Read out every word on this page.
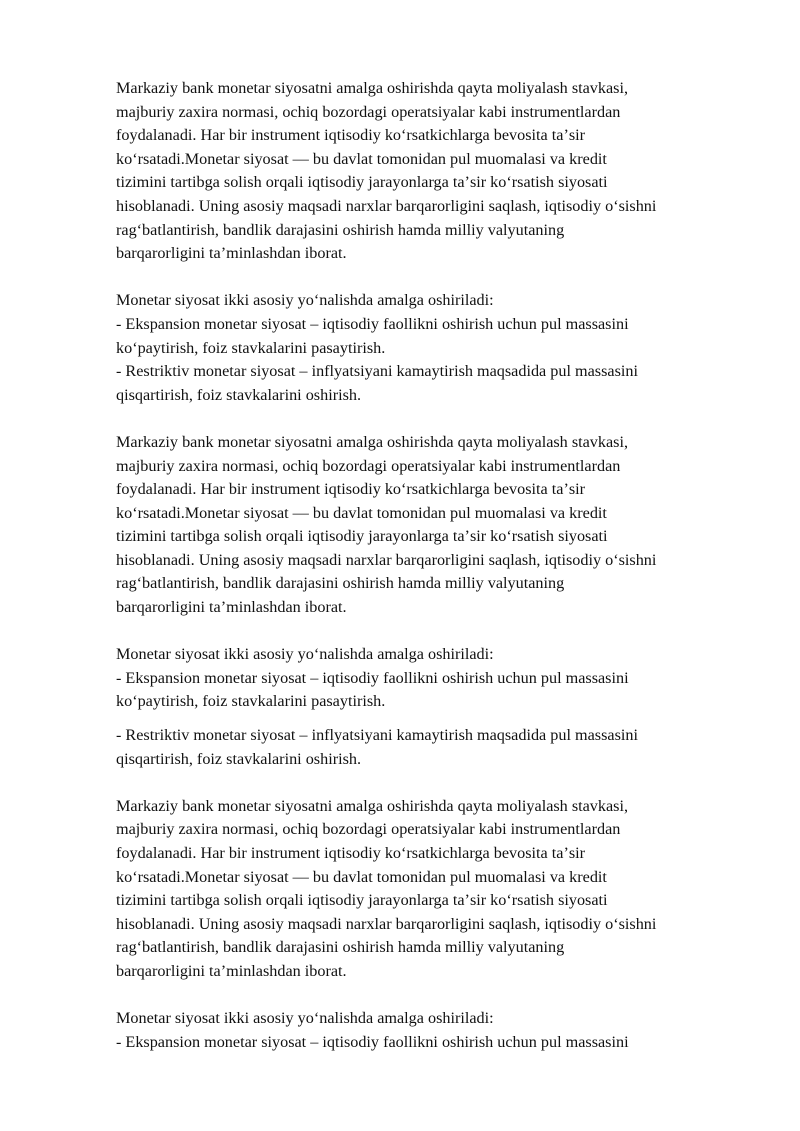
Markaziy bank monetar siyosatni amalga oshirishda qayta moliyalash stavkasi,
majburiy zaxira normasi, ochiq bozordagi operatsiyalar kabi instrumentlardan
foydalanadi. Har bir instrument iqtisodiy koʻrsatkichlarga bevosita taʼsir
koʻrsatadi.Monetar siyosat — bu davlat tomonidan pul muomalasi va kredit
tizimini tartibga solish orqali iqtisodiy jarayonlarga taʼsir koʻrsatish siyosati
hisoblanadi. Uning asosiy maqsadi narxlar barqarorligini saqlash, iqtisodiy oʻsishni
ragʻbatlantirish, bandlik darajasini oshirish hamda milliy valyutaning
barqarorligini taʼminlashdan iborat.

Monetar siyosat ikki asosiy yoʻnalishda amalga oshiriladi:
- Ekspansion monetar siyosat – iqtisodiy faollikni oshirish uchun pul massasini
koʻpaytirish, foiz stavkalarini pasaytirish.
- Restriktiv monetar siyosat – inflyatsiyani kamaytirish maqsadida pul massasini
qisqartirish, foiz stavkalarini oshirish.

Markaziy bank monetar siyosatni amalga oshirishda qayta moliyalash stavkasi,
majburiy zaxira normasi, ochiq bozordagi operatsiyalar kabi instrumentlardan
foydalanadi. Har bir instrument iqtisodiy koʻrsatkichlarga bevosita taʼsir
koʻrsatadi.Monetar siyosat — bu davlat tomonidan pul muomalasi va kredit
tizimini tartibga solish orqali iqtisodiy jarayonlarga taʼsir koʻrsatish siyosati
hisoblanadi. Uning asosiy maqsadi narxlar barqarorligini saqlash, iqtisodiy oʻsishni
ragʻbatlantirish, bandlik darajasini oshirish hamda milliy valyutaning
barqarorligini taʼminlashdan iborat.

Monetar siyosat ikki asosiy yoʻnalishda amalga oshiriladi:
- Ekspansion monetar siyosat – iqtisodiy faollikni oshirish uchun pul massasini
koʻpaytirish, foiz stavkalarini pasaytirish.

- Restriktiv monetar siyosat – inflyatsiyani kamaytirish maqsadida pul massasini
qisqartirish, foiz stavkalarini oshirish.

Markaziy bank monetar siyosatni amalga oshirishda qayta moliyalash stavkasi,
majburiy zaxira normasi, ochiq bozordagi operatsiyalar kabi instrumentlardan
foydalanadi. Har bir instrument iqtisodiy koʻrsatkichlarga bevosita taʼsir
koʻrsatadi.Monetar siyosat — bu davlat tomonidan pul muomalasi va kredit
tizimini tartibga solish orqali iqtisodiy jarayonlarga taʼsir koʻrsatish siyosati
hisoblanadi. Uning asosiy maqsadi narxlar barqarorligini saqlash, iqtisodiy oʻsishni
ragʻbatlantirish, bandlik darajasini oshirish hamda milliy valyutaning
barqarorligini taʼminlashdan iborat.

Monetar siyosat ikki asosiy yoʻnalishda amalga oshiriladi:
- Ekspansion monetar siyosat – iqtisodiy faollikni oshirish uchun pul massasini
